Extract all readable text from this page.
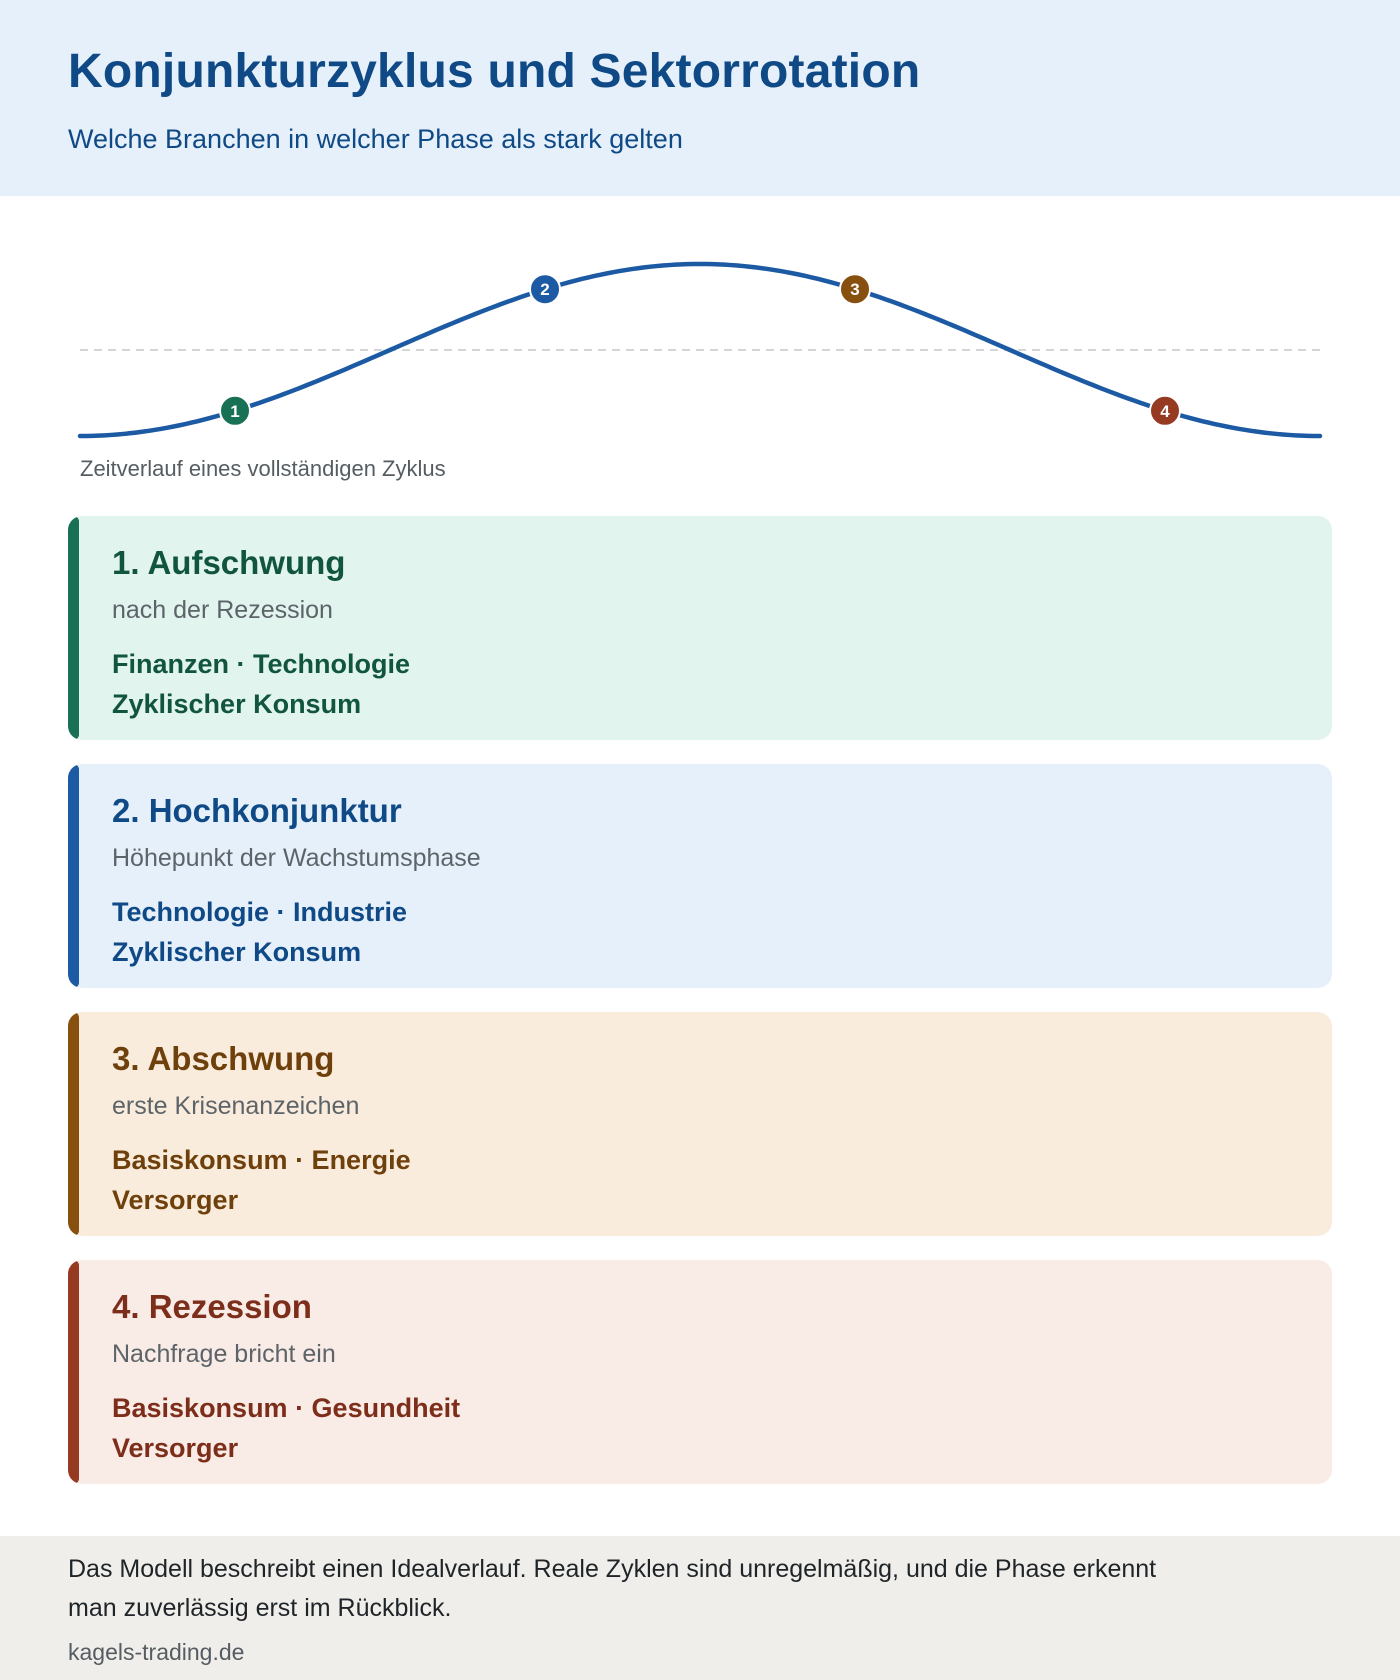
Konjunkturzyklus und Sektorrotation
Welche Branchen in welcher Phase als stark gelten
1
2	3
4
Zeitverlauf eines vollständigen Zyklus
1. Aufschwung
nach der Rezession
Finanzen · Technologie
Zyklischer Konsum
2. Hochkonjunktur
Höhepunkt der Wachstumsphase
Technologie · Industrie
Zyklischer Konsum
3. Abschwung
erste Krisenanzeichen
Basiskonsum · Energie
Versorger
4. Rezession
Nachfrage bricht ein
Basiskonsum · Gesundheit
Versorger
Das Modell beschreibt einen Idealverlauf. Reale Zyklen sind unregelmäßig, und die Phase erkennt man zuverlässig erst im Rückblick.
kagels-trading.de
